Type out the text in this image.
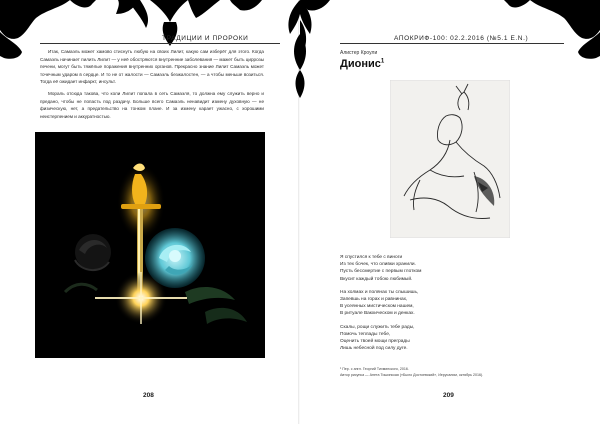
ТРАДИЦИИ И ПРОРОКИ

Итак, Самаэль может хамово стиснуть любую на своих Лилит, какую сам изберёт для этого. Когда Самаэль начинает пилить Лилит — у неё обостряются внутренние заболевания — мажет быть циррозы печени, могут быть тяжёлые поражения внутренних органов. Прекрасно знание Лилит Самаэль может точечным ударом в сердце. И то не от жалости — Самаэль безжалостен, — а чтобы меньше возиться. Тогда её ожидает инфаркт, инсульт.

Мораль отсюда такова, что коли Лилит попала в сеть Самаэля, то должна ему служить верно и предано, чтобы не попасть под раздачу. Больше всего Самаэль ненавидит измену духовную — не физическую, нет, а предательство на тонком плане. И за измену карает ужасно, с хорошими неистерпением и аккуратностью.

208
АПОКРИФ-100: 02.2.2016 (№5.1 E.N.)
Алистер Кроули
Дионис$^1$
Я спустился к тебе с виноги
Из тех бочек, что оливки хранили.
Пусть бессмертие с первым глотком
Вкусит каждый тобою любимый.
На холмах и полянах ты слышишь,
Запевшь на горах и равнинах,
В усеянных мистическом нашем,
В ритуале Вакхическом и денках.
Скалы, рощи служить тебе рады,
Помочь теплады тебе,
Оценить твоей мощи преграды
Лишь небесной под силу дуге.
¹ Пер. с англ. Георгий Тихминского, 2016.
Автор рисунка — Анета Тишинская («Было Достоевский», Иерусалим, октябрь 2016).
209
